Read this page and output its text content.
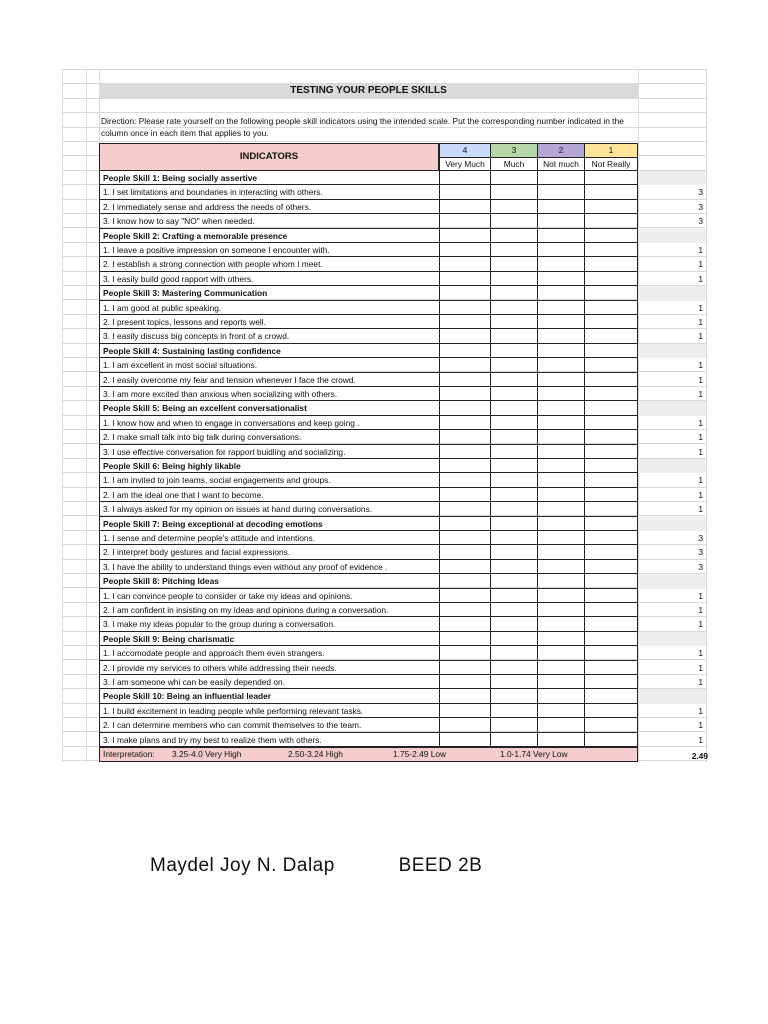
TESTING YOUR PEOPLE SKILLS
Direction: Please rate yourself on the following people skill indicators using the intended scale. Put the corresponding number indicated in the column once in each item that applies to you.
INDICATORS
4	3	2	1
Very Much	Much	Not much	Not Really
People Skill 1: Being socially assertive
1. I set limitations and boundaries in interacting with others.	3
2. I immediately sense and address the needs of others.	3
3. I know how to say "NO" when needed.	3
People Skill 2: Crafting a memorable presence
1. I leave a positive impression on someone I encounter with.	1
2. I establish a strong connection with people whom I meet.	1
3. I easily build good rapport with others.	1
People Skill 3: Mastering Communication
1. I am good at public speaking.	1
2. I present topics, lessons and reports well.	1
3. I easily discuss big concepts in front of a crowd.	1
People Skill 4: Sustaining lasting confidence
1. I am excellent in most social situations.	1
2. I easily overcome my fear and tension whenever I face the crowd.	1
3. I am more excited than anxious when socializing with others.	1
People Skill 5: Being an excellent conversationalist
1. I know how and when to engage in conversations and keep going .	1
2. I make small talk into big talk during conversations.	1
3. I use effective conversation for rapport buidling and socializing.	1
People Skill 6: Being highly likable
1. I am invited to join teams, social engagements and groups.	1
2. I am the ideal one that I want to become.	1
3. I always asked for my opinion on issues at hand during conversations.	1
People Skill 7: Being exceptional at decoding emotions
1. I sense and determine people's attitude and intentions.	3
2. I interpret body gestures and facial expressions.	3
3. I have the ability to understand things even without any proof of evidence .	3
People Skill 8: Pitching Ideas
1. I can convince people to consider or take my ideas and opinions.	1
2. I am confident in insisting on my ideas and opinions during a conversation.	1
3. I make my ideas popular to the group during a conversation.	1
People Skill 9: Being charismatic
1. I accomodate people and approach them even strangers.	1
2. I provide my services to others while addressing their needs.	1
3. I am someone whi can be easily depended on.	1
People Skill 10: Being an influential leader
1. I build excitement in leading people while performing relevant tasks.	1
2. I can determine members who can commit themselves to the team.	1
3. I make plans and try my best to realize them with others.	1
Interpretation: 3.25-4.0 Very High	2.50-3.24 High	1.75-2.49 Low	1.0-1.74 Very Low	2.49
Maydel Joy N. Dalap	BEED 2B
